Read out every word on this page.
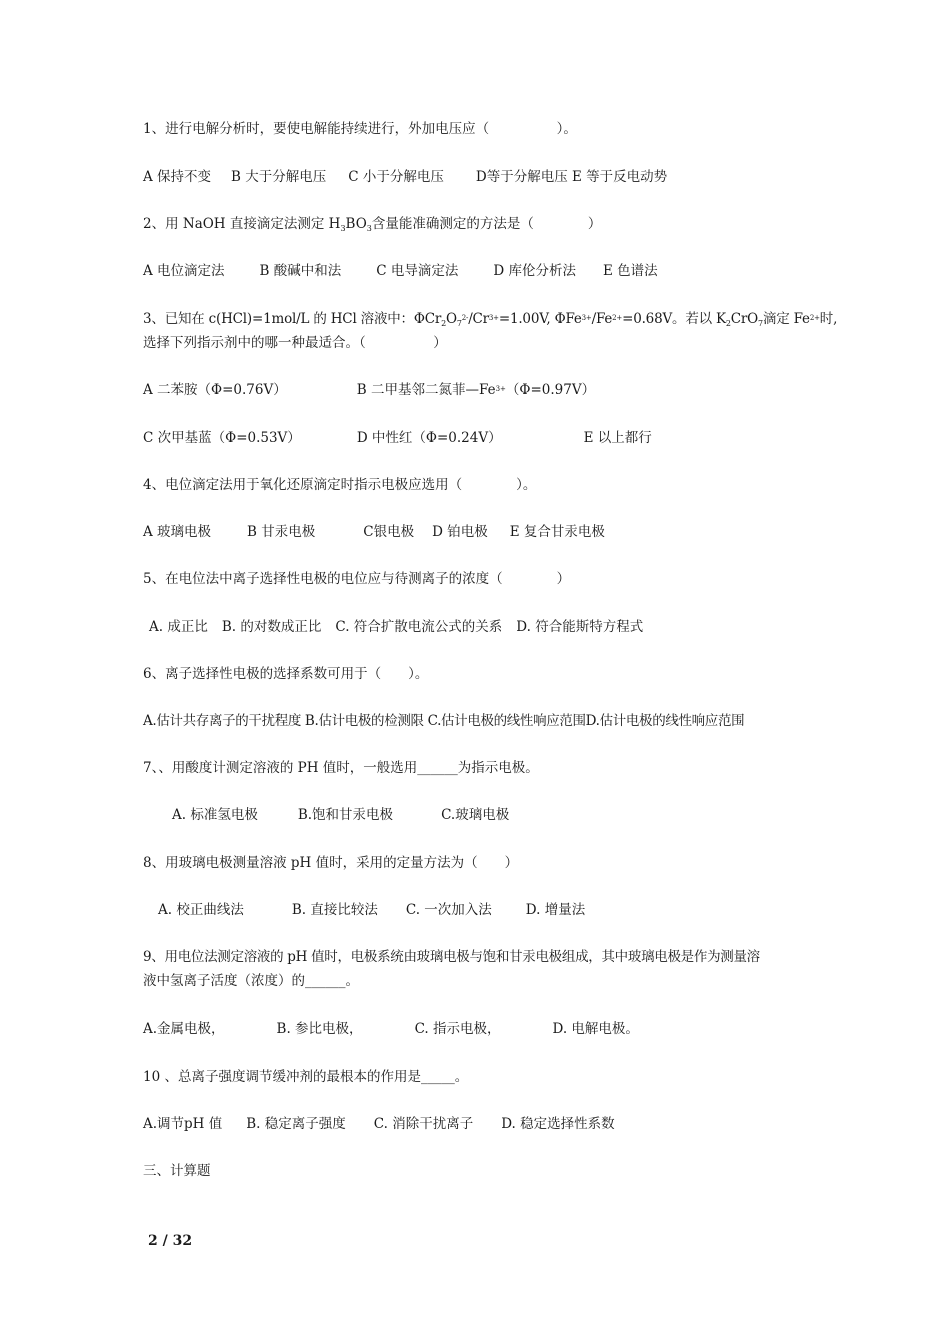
1、进行电解分析时，要使电解能持续进行，外加电压应（　　　　　）。
A 保持不变 B 大于分解电压 C 小于分解电压 D等于分解电压 E 等于反电动势
2、用 NaOH 直接滴定法测定 $H_3BO_3$含量能准确测定的方法是（　　　　）
A 电位滴定法	B 酸碱中和法	C 电导滴定法	D 库伦分析法 E 色谱法
3、已知在 c(HCl)=1mol/L 的 HCl 溶液中：$\Phi Cr_2O_7^{2-}/Cr^{3+}=1.00V$, $\Phi Fe^{3+}/Fe^{2+}=0.68V$。若以 $K_2CrO_7$滴定 $Fe^{2+}$时,
选择下列指示剂中的哪一种最适合。（　　　　　）
A 二苯胺（Φ=0.76V）	B 二甲基邻二氮菲$—Fe^{3+}(\Phi=0.97V)$
C 次甲基蓝（Φ=0.53V）	D 中性红（Φ=0.24V）	E 以上都行
4、电位滴定法用于氧化还原滴定时指示电极应选用（　　　　）。
A 玻璃电极	B 甘汞电极	C银电极 D 铂电极 E 复合甘汞电极
5、在电位法中离子选择性电极的电位应与待测离子的浓度（　　　　）
A. 成正比 B. 的对数成正比 C. 符合扩散电流公式的关系 D. 符合能斯特方程式
6、离子选择性电极的选择系数可用于（　　）。
A.估计共存离子的干扰程度 B.估计电极的检测限 C.估计电极的线性响应范围D.估计电极的线性响应范围
7、、用酸度计测定溶液的 PH 值时，一般选用______为指示电极。
A. 标准氢电极	B.饱和甘汞电极	C.玻璃电极
8、用玻璃电极测量溶液 pH 值时，采用的定量方法为（　　）
A. 校正曲线法	B. 直接比较法 C. 一次加入法	D. 增量法
9、用电位法测定溶液的 pH 值时，电极系统由玻璃电极与饱和甘汞电极组成，其中玻璃电极是作为测量溶
液中氢离子活度（浓度）的______。
A.金属电极，	B. 参比电极，	C. 指示电极，	D. 电解电极。
10 、总离子强度调节缓冲剂的最根本的作用是_____。
A.调节pH 值 B. 稳定离子强度 C. 消除干扰离子 D. 稳定选择性系数
三、计算题
2 / 32
